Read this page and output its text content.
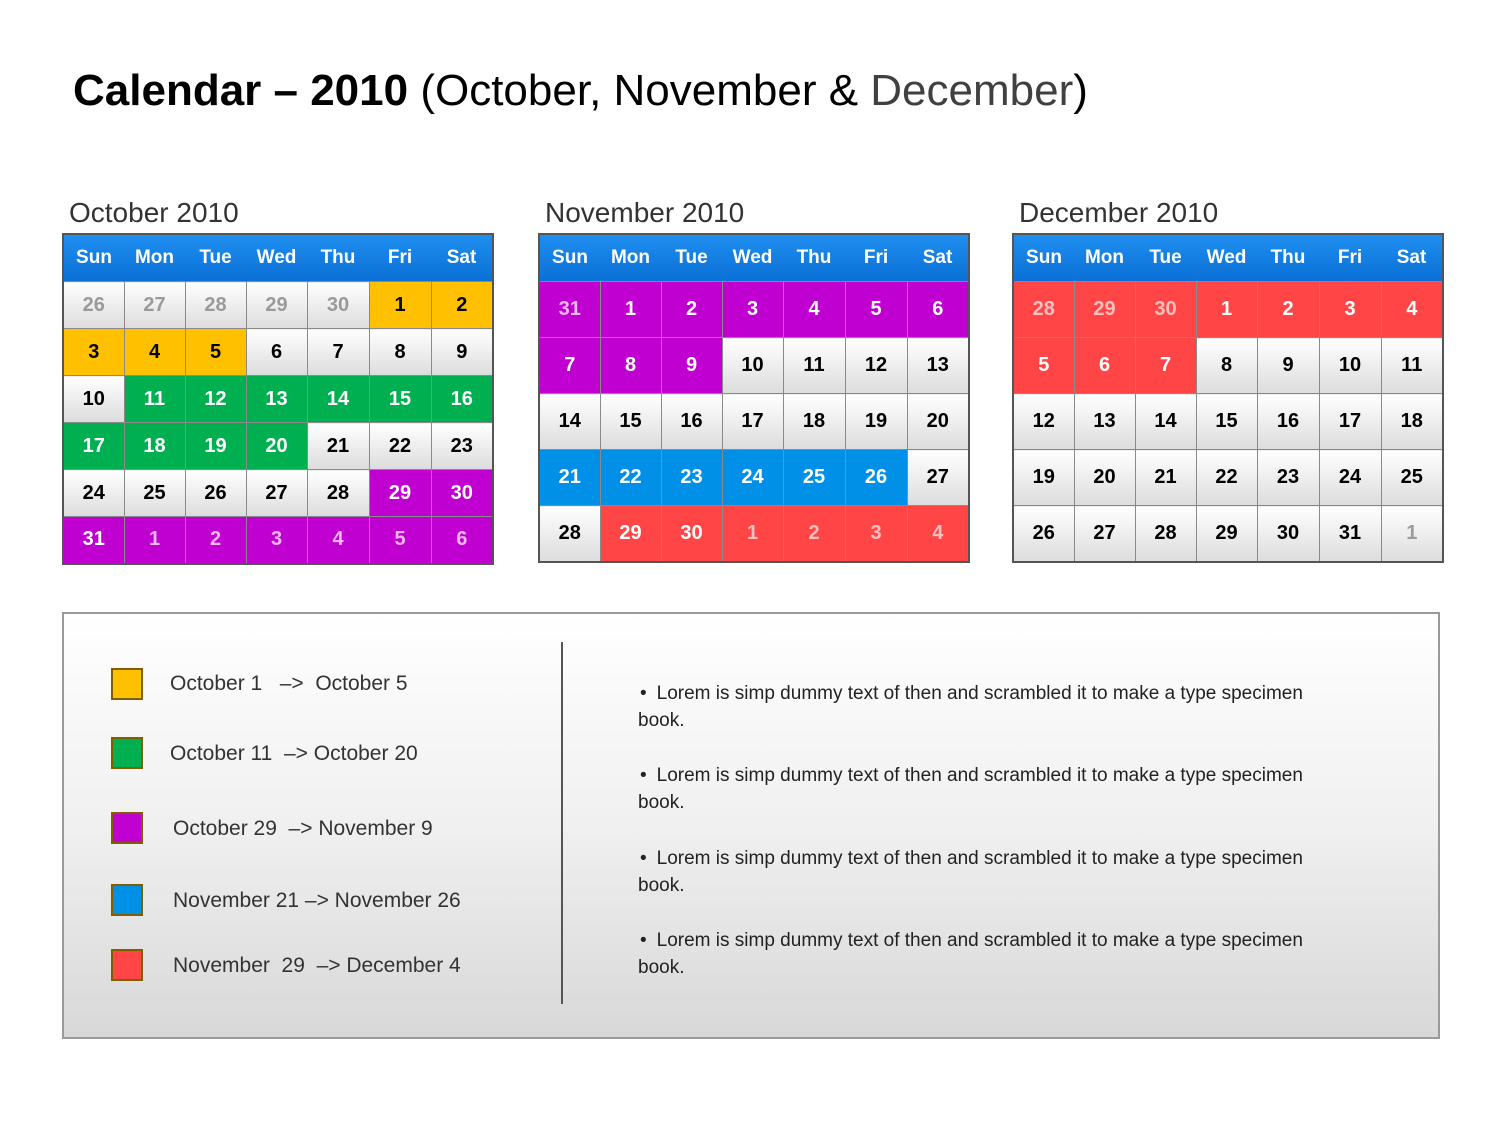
Calendar – 2010 (October, November & December)
October 2010
Sun	Mon	Tue	Wed	Thu	Fri	Sat
26	27	28	29	30	1	2
3	4	5	6	7	8	9
10	11	12	13	14	15	16
17	18	19	20	21	22	23
24	25	26	27	28	29	30
31	1	2	3	4	5	6
November 2010
Sun	Mon	Tue	Wed	Thu	Fri	Sat
31	1	2	3	4	5	6
7	8	9	10	11	12	13
14	15	16	17	18	19	20
21	22	23	24	25	26	27
28	29	30	1	2	3	4
December 2010
Sun	Mon	Tue	Wed	Thu	Fri	Sat
28	29	30	1	2	3	4
5	6	7	8	9	10	11
12	13	14	15	16	17	18
19	20	21	22	23	24	25
26	27	28	29	30	31	1
October 1   –>  October 5
October 11  –> October 20
October 29  –> November 9
November 21 –> November 26
November  29  –> December 4
• Lorem is simp dummy text of then and scrambled it to make a type specimen book.
• Lorem is simp dummy text of then and scrambled it to make a type specimen book.
• Lorem is simp dummy text of then and scrambled it to make a type specimen book.
• Lorem is simp dummy text of then and scrambled it to make a type specimen book.
